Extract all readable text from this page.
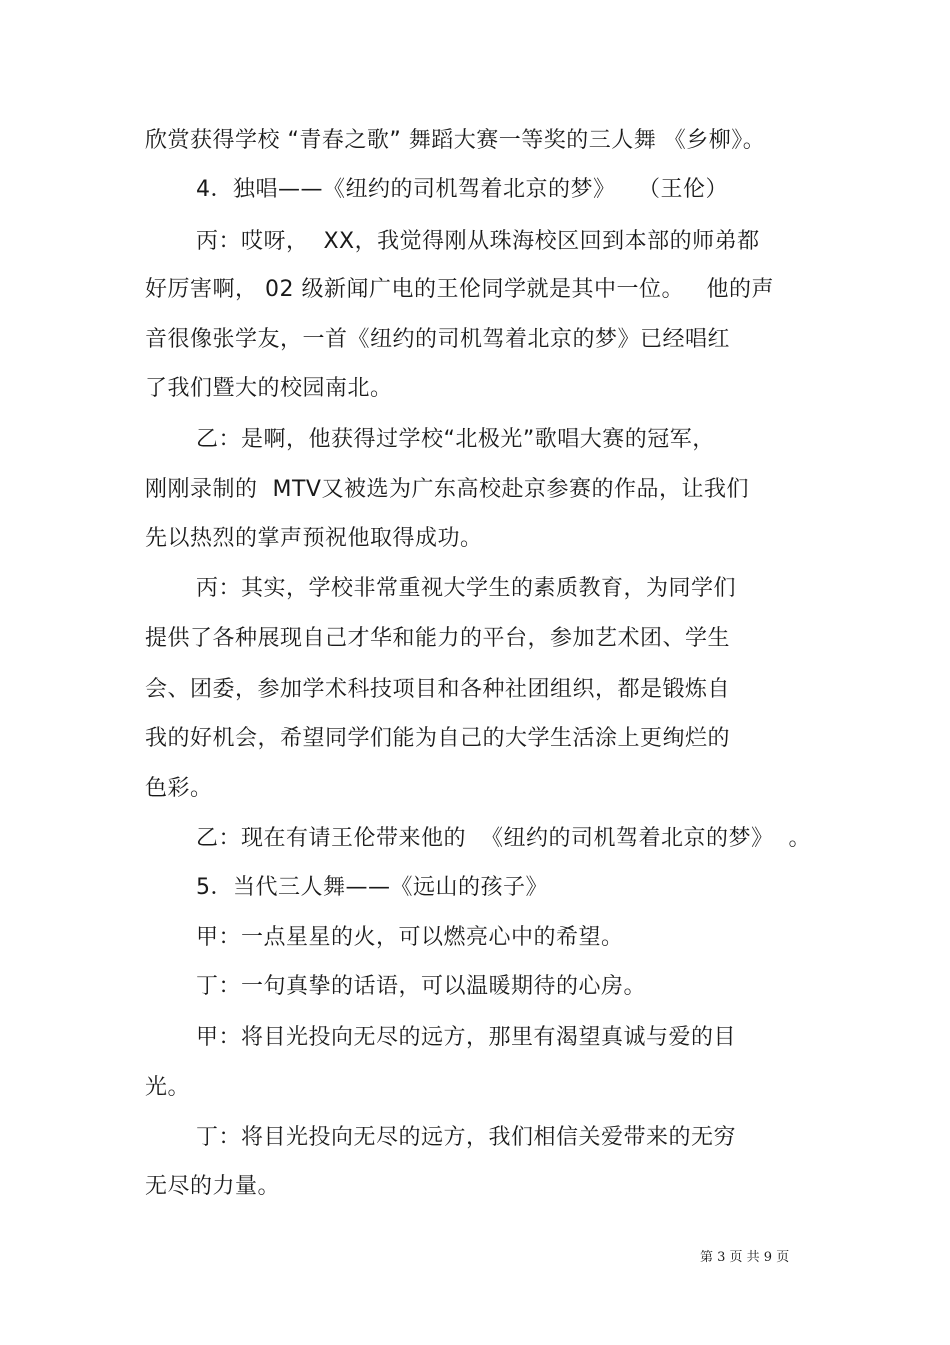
欣赏获得学校 “青春之歌” 舞蹈大赛一等奖的三人舞 《乡柳》。
4．独唱——《纽约的司机驾着北京的梦》   （王伦）
丙：哎呀，  XX，我觉得刚从珠海校区回到本部的师弟都
好厉害啊， 02 级新闻广电的王伦同学就是其中一位。   他的声
音很像张学友，一首《纽约的司机驾着北京的梦》已经唱红
了我们暨大的校园南北。
乙：是啊，他获得过学校“北极光”歌唱大赛的冠军，
刚刚录制的  MTV又被选为广东高校赴京参赛的作品，让我们
先以热烈的掌声预祝他取得成功。
丙：其实，学校非常重视大学生的素质教育，为同学们
提供了各种展现自己才华和能力的平台，参加艺术团、学生
会、团委，参加学术科技项目和各种社团组织，都是锻炼自
我的好机会，希望同学们能为自己的大学生活涂上更绚烂的
色彩。
乙：现在有请王伦带来他的  《纽约的司机驾着北京的梦》  。
5．当代三人舞——《远山的孩子》
甲：一点星星的火，可以燃亮心中的希望。
丁：一句真挚的话语，可以温暖期待的心房。
甲：将目光投向无尽的远方，那里有渴望真诚与爱的目
光。
丁：将目光投向无尽的远方，我们相信关爱带来的无穷
无尽的力量。
第 3 页 共 9 页
